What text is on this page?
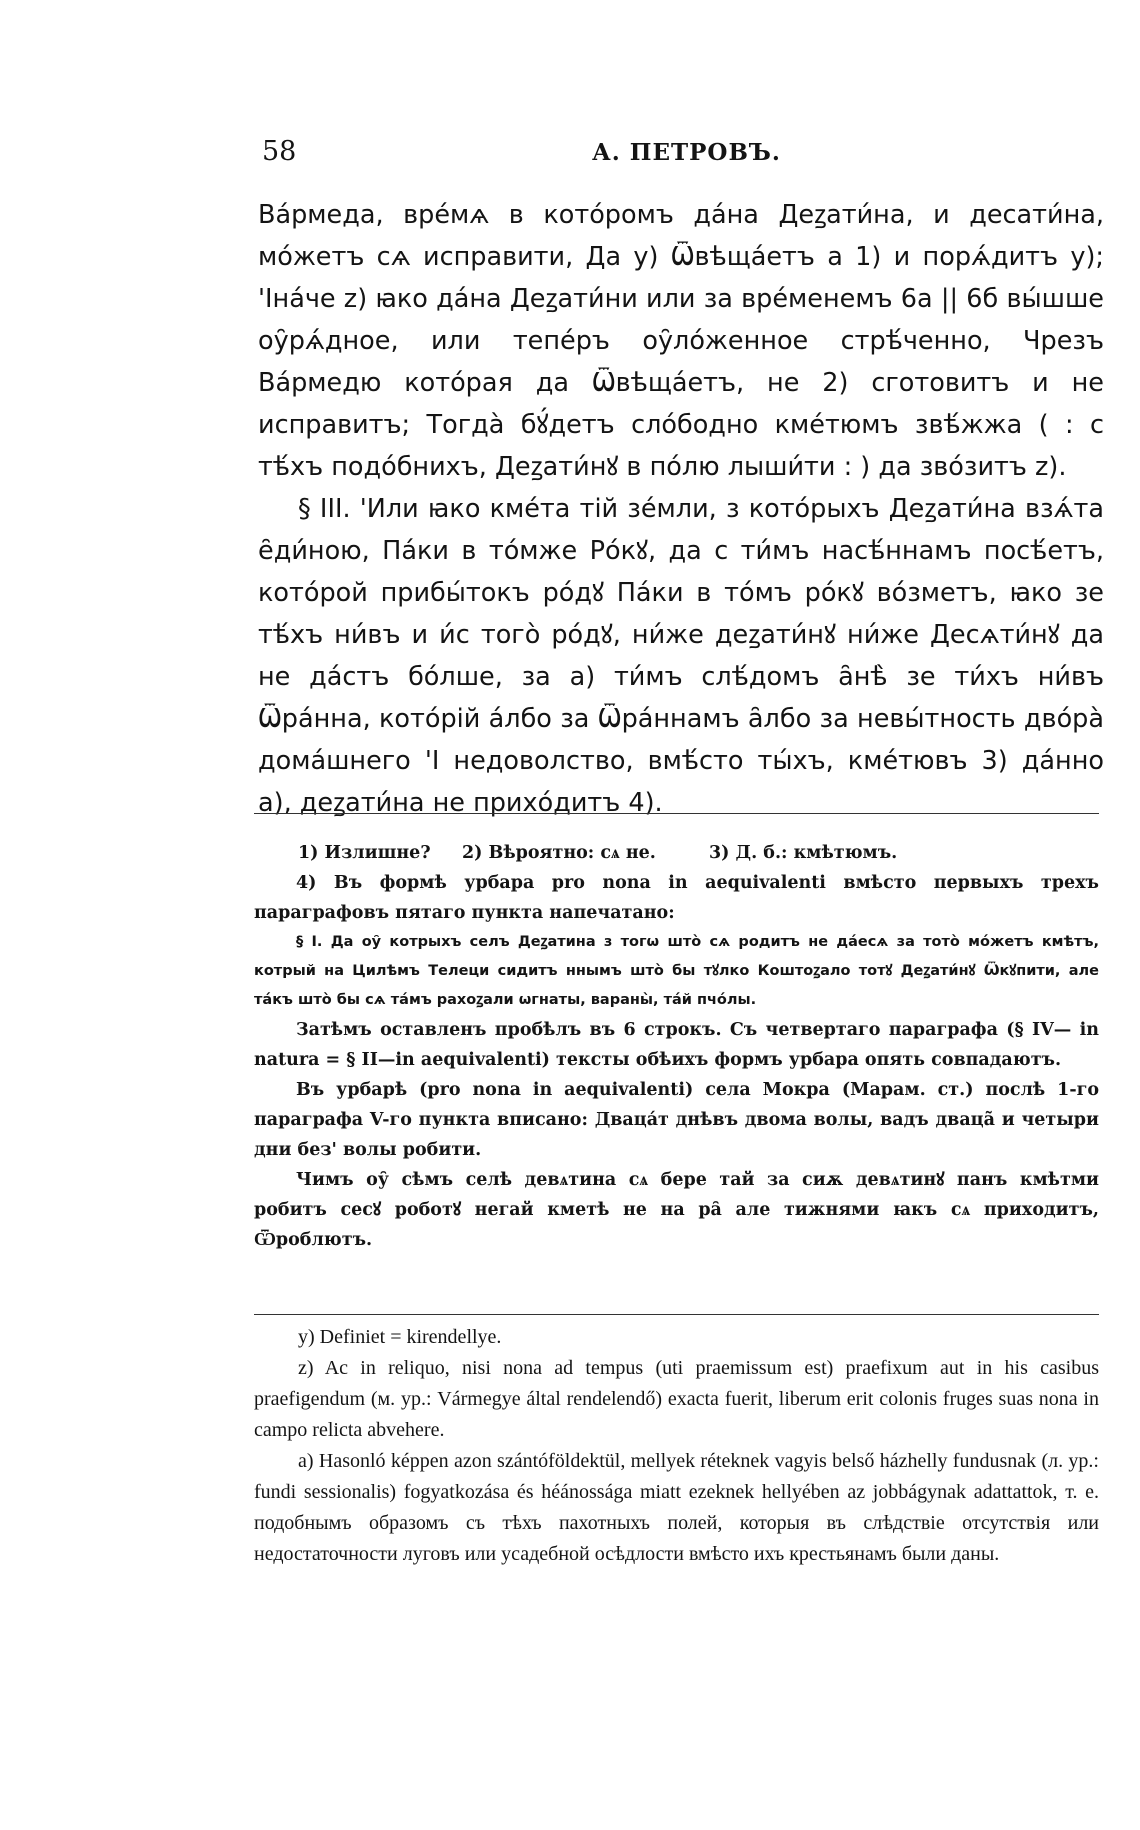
58	А. ПЕТРОВЪ.

Ва́рмеда, вре́мѧ в кото́ромъ да́на Деꙁати́на, и десати́на, мо́жетъ сѧ исправити, Да у) Ѿвѣща́етъ а 1) и порѧ́дитъ у); 'Іна́че z) ꙗко да́на Деꙁати́ни или за вре́менемъ 6а || 6б вы́шше оу̑рѧ́дное, или тепе́ръ оу̑ло́женное стрѣ́ченно, Чрезъ Ва́рмедю кото́рая да Ѿвѣща́етъ, не 2) сготовитъ и не исправитъ; Тогда̀ бꙋ́детъ сло́бодно кме́тюмъ звѣ́жжа ( : с тѣ́хъ подо́бнихъ, Деꙁати́нꙋ в по́лю лыши́ти : ) да зво́зитъ z).

§ III. 'Или ꙗко кме́та тій зе́мли, з кото́рыхъ Деꙁати́на взѧ́та е̑ди́ною, Па́ки в то́мже Ро́кꙋ, да с ти́мъ насѣ́ннамъ посѣ́етъ, кото́рой прибы́токъ ро́дꙋ Па́ки в то́мъ ро́кꙋ во́зметъ, ꙗко зе тѣ́хъ ни́въ и и́с того̀ ро́дꙋ, ни́же деꙁати́нꙋ ни́же Десѧти́нꙋ да не да́стъ бо́лше, за а) ти́мъ слѣ́домъ а̑нѣ̀ зе ти́хъ ни́въ Ѿра́нна, кото́рій а́лбо за Ѿра́ннамъ а̑лбо за невы́тность дво́ра̀ дома́шнего 'І недоволство, вмѣ́сто ты́хъ, кме́тювъ 3) да́нно а), деꙁати́на не прихо́дитъ 4).

1) Излишне? 2) Вѣроятно: сѧ не.	3) Д. б.: кмѣтюмъ.

4) Въ формѣ урбара pro nona in aequivalenti вмѣсто первыхъ трехъ параграфовъ пятаго пункта напечатано:

§ I. Да оу̑ котрыхъ селъ Деꙁатина з тогѡ што̀ сѧ родитъ не да́есѧ за тото̀ мо́жетъ кмѣтъ, котрый на Цилѣмъ Телеци сидитъ ннымъ што̀ бы тꙋлко Коштоꙁало тотꙋ Деꙁати́нꙋ Ѿкꙋпити, але та́къ што̀ бы сѧ та́мъ рахоꙁали ѡгнаты, вараны̀, та́й пчо́лы.

Затѣмъ оставленъ пробѣлъ въ 6 строкъ. Съ четвертаго параграфа (§ IV— in natura = § II—in aequivalenti) тексты обѣихъ формъ урбара опять совпадаютъ.

Въ урбарѣ (pro nona in aequivalenti) села Мокра (Марам. ст.) послѣ 1-го параграфа V-го пункта вписано: Дваца́т днѣвъ двома волы, вадъ дваца̃ и четыри дни без' волы робити.

Чимъ оу̑ сѣмъ селѣ девѧтина сѧ бере тай за сиѫ девѧтинꙋ панъ кмѣтми робитъ сесꙋ роботꙋ негай кметѣ не на ра̑ але тижнями ꙗкъ сѧ приходитъ, Ѿроблютъ.

y) Definiet = kirendellye.

z) Ac in reliquo, nisi nona ad tempus (uti praemissum est) praefixum aut in his casibus praefigendum (м. ур.: Vármegye által rendelendő) exacta fuerit, liberum erit colonis fruges suas nona in campo relicta abvehere.

a) Hasonló képpen azon szántóföldektül, mellyek réteknek vagyis belső házhelly fundusnak (л. ур.: fundi sessionalis) fogyatkozása és héánossága miatt ezeknek hellyében az jobbágynak adattattok, т. е. подобнымъ образомъ съ тѣхъ пахотныхъ полей, которыя въ слѣдствіе отсутствія или недостаточности луговъ или усадебной осѣдлости вмѣсто ихъ крестьянамъ были даны.
